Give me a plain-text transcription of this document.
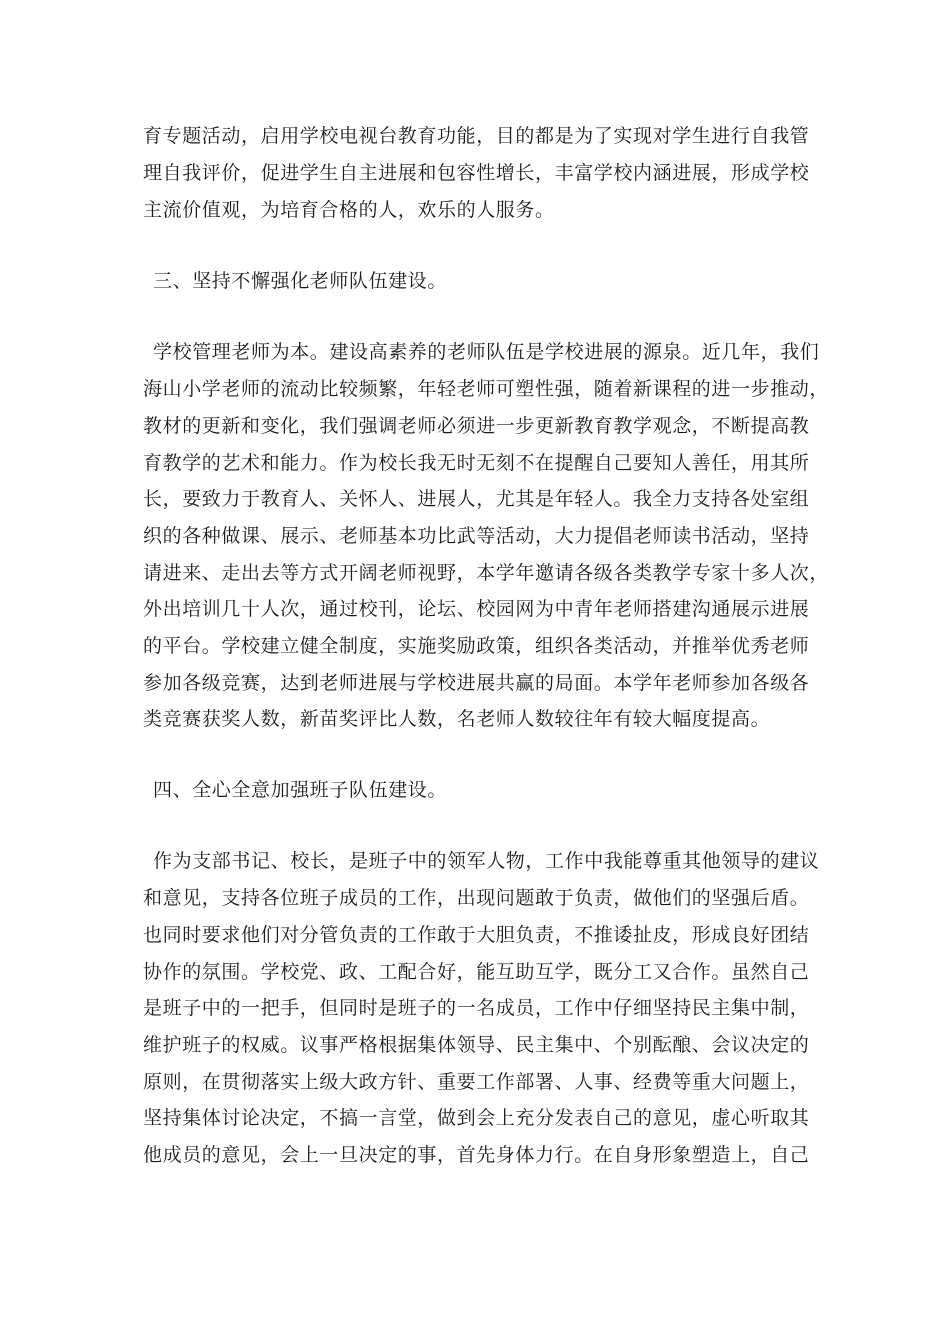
育专题活动，启用学校电视台教育功能，目的都是为了实现对学生进行自我管
理自我评价，促进学生自主进展和包容性增长，丰富学校内涵进展，形成学校
主流价值观，为培育合格的人，欢乐的人服务。
三、坚持不懈强化老师队伍建设。
学校管理老师为本。建设高素养的老师队伍是学校进展的源泉。近几年，我们
海山小学老师的流动比较频繁，年轻老师可塑性强，随着新课程的进一步推动，
教材的更新和变化，我们强调老师必须进一步更新教育教学观念，不断提高教
育教学的艺术和能力。作为校长我无时无刻不在提醒自己要知人善任，用其所
长，要致力于教育人、关怀人、进展人，尤其是年轻人。我全力支持各处室组
织的各种做课、展示、老师基本功比武等活动，大力提倡老师读书活动，坚持
请进来、走出去等方式开阔老师视野，本学年邀请各级各类教学专家十多人次，
外出培训几十人次，通过校刊，论坛、校园网为中青年老师搭建沟通展示进展
的平台。学校建立健全制度，实施奖励政策，组织各类活动，并推举优秀老师
参加各级竞赛，达到老师进展与学校进展共赢的局面。本学年老师参加各级各
类竞赛获奖人数，新苗奖评比人数，名老师人数较往年有较大幅度提高。
四、全心全意加强班子队伍建设。
作为支部书记、校长，是班子中的领军人物，工作中我能尊重其他领导的建议
和意见，支持各位班子成员的工作，出现问题敢于负责，做他们的坚强后盾。
也同时要求他们对分管负责的工作敢于大胆负责，不推诿扯皮，形成良好团结
协作的氛围。学校党、政、工配合好，能互助互学，既分工又合作。虽然自己
是班子中的一把手，但同时是班子的一名成员，工作中仔细坚持民主集中制，
维护班子的权威。议事严格根据集体领导、民主集中、个别酝酿、会议决定的
原则，在贯彻落实上级大政方针、重要工作部署、人事、经费等重大问题上，
坚持集体讨论决定，不搞一言堂，做到会上充分发表自己的意见，虚心听取其
他成员的意见，会上一旦决定的事，首先身体力行。在自身形象塑造上，自己
